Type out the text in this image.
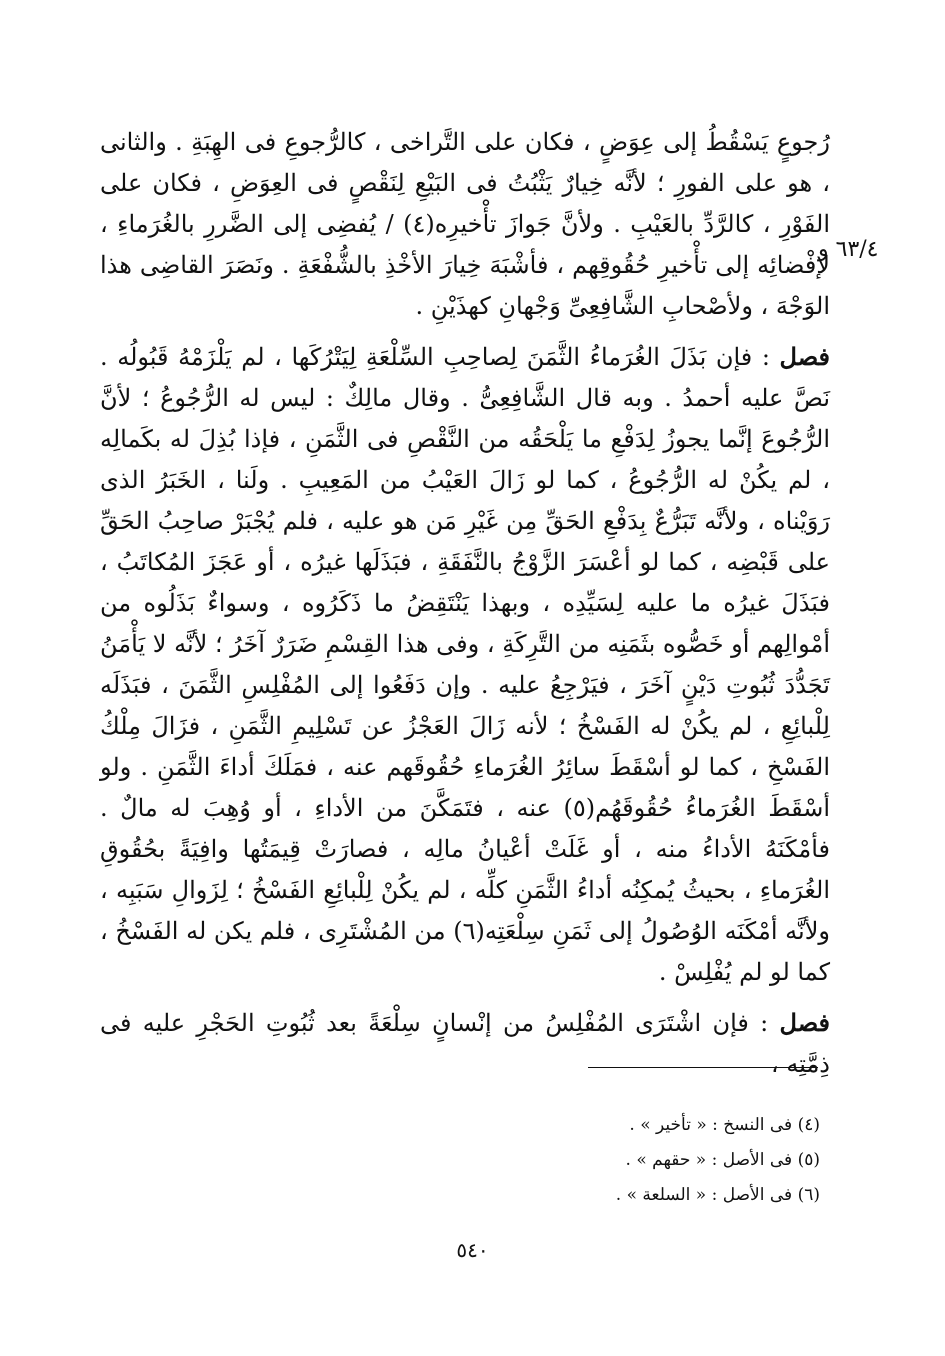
٦٣/٤ و

رُجوعٍ يَسْقُطُ إلى عِوَضٍ ، فكان على التَّراخى ، كالرُّجوعِ فى الهِبَةِ . والثانى ، هو على الفورِ ؛ لأنَّه خِيارٌ يَثْبُتُ فى البَيْعِ لِنَقْصٍ فى العِوَضِ ، فكان على الفَوْرِ ، كالرَّدِّ بالعَيْبِ . ولأنَّ جَوازَ تأْخيرِه(٤) / يُفضِى إلى الضَّررِ بالغُرَماءِ ، لإفْضائِه إلى تأْخيرِ حُقُوقِهم ، فأشْبَهَ خِيارَ الأخْذِ بالشُّفْعَةِ . ونَصَرَ القاضِى هذا الوَجْهَ ، ولأصْحابِ الشَّافِعِىِّ وَجْهانِ كهذَيْنِ .

فصل : فإن بَذَلَ الغُرَماءُ الثَّمَنَ لِصاحِبِ السِّلْعَةِ لِيَتْرُكَها ، لم يَلْزَمْهُ قَبُولُه . نَصَّ عليه أحمدُ . وبه قال الشَّافِعِىُّ . وقال مالِكٌ : ليس له الرُّجُوعُ ؛ لأنَّ الرُّجُوعَ إنَّما يجوزُ لِدَفْعِ ما يَلْحَقُه من النَّقْصِ فى الثَّمَنِ ، فإذا بُذِلَ له بكَمالِه ، لم يكُنْ له الرُّجُوعُ ، كما لو زَالَ العَيْبُ من المَعِيبِ . ولَنا ، الخَبَرُ الذى رَوَيْناه ، ولأنَّه تَبَرُّعٌ بِدَفْعِ الحَقِّ مِن غَيْرِ مَن هو عليه ، فلم يُجْبَرْ صاحِبُ الحَقِّ على قَبْضِه ، كما لو أعْسَرَ الزَّوْجُ بالنَّفَقَةِ ، فبَذَلَها غيرُه ، أو عَجَزَ المُكاتَبُ ، فبَذَلَ غيرُه ما عليه لِسَيِّدِه ، وبهذا يَنْتَقِضُ ما ذَكَرُوه ، وسواءٌ بَذَلُوه من أمْوالِهم أو خَصُّوه بثَمَنِه من التَّرِكَةِ ، وفى هذا القِسْمِ ضَرَرٌ آخَرُ ؛ لأنَّه لا يَأْمَنُ تَجَدُّدَ ثُبُوتِ دَيْنٍ آخَرَ ، فيَرْجِعُ عليه . وإن دَفَعُوا إلى المُفْلِسِ الثَّمَنَ ، فبَذَلَه لِلْبائِعِ ، لم يكُنْ له الفَسْخُ ؛ لأنه زَالَ العَجْزُ عن تَسْلِيمِ الثَّمَنِ ، فزَالَ مِلْكُ الفَسْخِ ، كما لو أسْقَطَ سائِرُ الغُرَماءِ حُقُوقَهم عنه ، فمَلَكَ أداءَ الثَّمَنِ . ولو أسْقَطَ الغُرَماءُ حُقُوقَهُم(٥) عنه ، فتَمَكَّنَ من الأداءِ ، أو وُهِبَ له مالٌ . فأمْكَنَهُ الأداءُ منه ، أو غَلَتْ أعْيانُ مالِه ، فصارَتْ قِيمَتُها وافِيَةً بحُقُوقِ الغُرَماءِ ، بحيثُ يُمكِنُه أداءُ الثَّمَنِ كلِّه ، لم يكُنْ لِلْبائِعِ الفَسْخُ ؛ لِزَوالِ سَبَبِه ، ولأنَّه أمْكَنَه الوُصُولُ إلى ثَمَنِ سِلْعَتِه(٦) من المُشْتَرِى ، فلم يكن له الفَسْخُ ، كما لو لم يُفْلِسْ .

فصل : فإن اشْتَرَى المُفْلِسُ من إنْسانٍ سِلْعَةً بعد ثُبُوتِ الحَجْرِ عليه فى ذِمَّتِه ،

(٤) فى النسخ : « تأخير » .
(٥) فى الأصل : « حقهم » .
(٦) فى الأصل : « السلعة » .
٥٤٠
